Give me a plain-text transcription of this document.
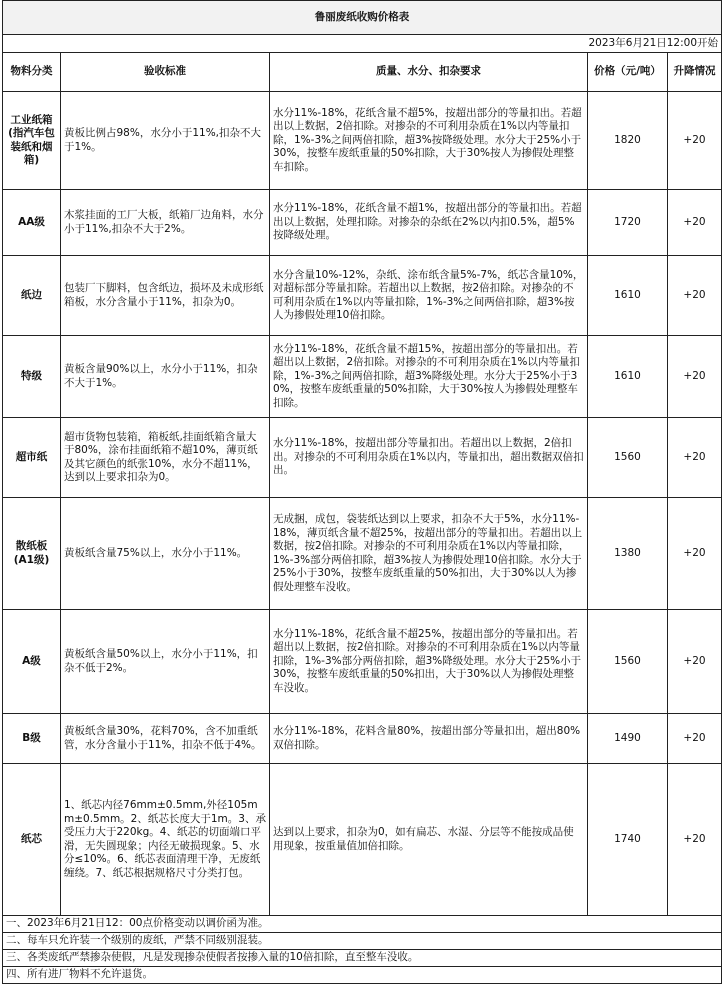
鲁丽废纸收购价格表				
2023年6月21日12:00开始				
物料分类	验收标准	质量、水分、扣杂要求	价格（元/吨）	升降情况
工业纸箱(指汽车包装纸和烟箱)	黄板比例占98%，水分小于11%,扣杂不大于1%。	水分11%-18%，花纸含量不超5%，按超出部分的等量扣出。若超出以上数据，2倍扣除。对掺杂的不可利用杂质在1%以内等量扣除，1%-3%之间两倍扣除，超3%按降级处理。水分大于25%小于30%，按整车废纸重量的50%扣除，大于30%按人为掺假处理整车扣除。	1820	+20
AA级	木浆挂面的工厂大板，纸箱厂边角料，水分小于11%,扣杂不大于2%。	水分11%-18%，花纸含量不超1%，按超出部分的等量扣出。若超出以上数据，处理扣除。对掺杂的杂纸在2%以内扣0.5%，超5%按降级处理。	1720	+20
纸边	包装厂下脚料，包含纸边，损坏及未成形纸箱板，水分含量小于11%，扣杂为0。	水分含量10%-12%，杂纸、涂布纸含量5%-7%，纸芯含量10%，对超标部分等量扣除。若超出以上数据，按2倍扣除。对掺杂的不可利用杂质在1%以内等量扣除，1%-3%之间两倍扣除，超3%按人为掺假处理10倍扣除。	1610	+20
特级	黄板含量90%以上，水分小于11%，扣杂不大于1%。	水分11%-18%，花纸含量不超15%，按超出部分的等量扣出。若超出以上数据，2倍扣除。对掺杂的不可利用杂质在1%以内等量扣除，1%-3%之间两倍扣除，超3%降级处理。水分大于25%小于30%，按整车废纸重量的50%扣除，大于30%按人为掺假处理整车扣除。	1610	+20
超市纸	超市货物包装箱，箱板纸,挂面纸箱含量大于80%，涂布挂面纸箱不超10%，薄页纸及其它颜色的纸张10%，水分不超11%，达到以上要求扣杂为0。	水分11%-18%，按超出部分等量扣出。若超出以上数据，2倍扣出。对掺杂的不可利用杂质在1%以内，等量扣出，超出数据双倍扣出。	1560	+20
散纸板(A1级)	黄板纸含量75%以上，水分小于11%。	无成捆，成包，袋装纸达到以上要求，扣杂不大于5%，水分11%-18%，薄页纸含量不超25%，按超出部分的等量扣出。若超出以上数据，按2倍扣除。对掺杂的不可利用杂质在1%以内等量扣除，1%-3%部分两倍扣除，超3%按人为掺假处理10倍扣除。水分大于25%小于30%，按整车废纸重量的50%扣出，大于30%以人为掺假处理整车没收。	1380	+20
A级	黄板纸含量50%以上，水分小于11%，扣杂不低于2%。	水分11%-18%，花纸含量不超25%，按超出部分的等量扣出。若超出以上数据，按2倍扣除。对掺杂的不可利用杂质在1%以内等量扣除，1%-3%部分两倍扣除，超3%降级处理。水分大于25%小于30%，按整车废纸重量的50%扣出，大于30%以人为掺假处理整车没收。	1560	+20
B级	黄板纸含量30%，花料70%，含不加重纸管，水分含量小于11%，扣杂不低于4%。	水分11%-18%，花料含量80%，按超出部分等量扣出，超出80%双倍扣除。	1490	+20
纸芯	1、纸芯内径76mm±0.5mm,外径105mm±0.5mm。2、纸芯长度大于1m。3、承受压力大于220kg。4、纸芯的切面端口平滑，无失圆现象；内径无破损现象。5、水分≤10%。6、纸芯表面清理干净，无废纸缠绕。7、纸芯根据规格尺寸分类打包。	达到以上要求，扣杂为0，如有扁芯、水湿、分层等不能按成品使用现象，按重量值加倍扣除。	1740	+20
一、2023年6月21日12：00点价格变动以调价函为准。				
二、每车只允许装一个级别的废纸，严禁不同级别混装。				
三、各类废纸严禁掺杂使假，凡是发现掺杂使假者按掺入量的10倍扣除，直至整车没收。				
四、所有进厂物料不允许退货。				
